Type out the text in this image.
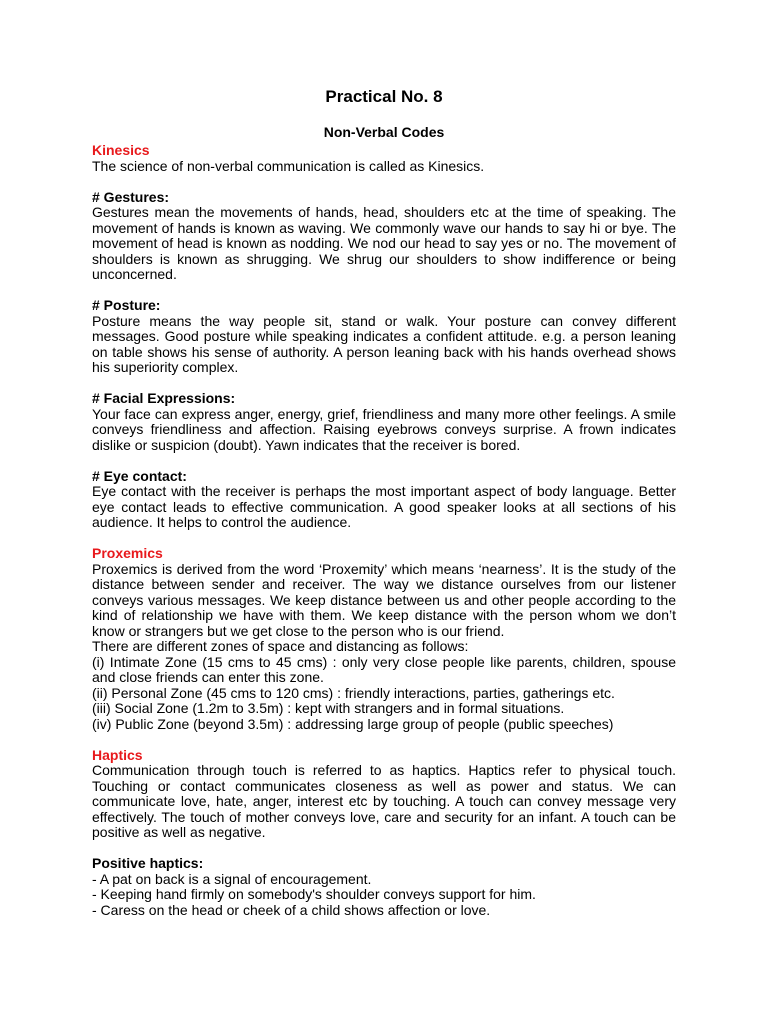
Practical No. 8
Non-Verbal Codes
Kinesics
The science of non-verbal communication is called as Kinesics.
# Gestures:
Gestures mean the movements of hands, head, shoulders etc at the time of speaking. The movement of hands is known as waving. We commonly wave our hands to say hi or bye. The movement of head is known as nodding. We nod our head to say yes or no. The movement of shoulders is known as shrugging. We shrug our shoulders to show indifference or being unconcerned.
# Posture:
Posture means the way people sit, stand or walk. Your posture can convey different messages. Good posture while speaking indicates a confident attitude. e.g. a person leaning on table shows his sense of authority. A person leaning back with his hands overhead shows his superiority complex.
# Facial Expressions:
Your face can express anger, energy, grief, friendliness and many more other feelings. A smile conveys friendliness and affection. Raising eyebrows conveys surprise. A frown indicates dislike or suspicion (doubt). Yawn indicates that the receiver is bored.
# Eye contact:
Eye contact with the receiver is perhaps the most important aspect of body language. Better eye contact leads to effective communication. A good speaker looks at all sections of his audience. It helps to control the audience.
Proxemics
Proxemics is derived from the word ‘Proxemity’ which means ‘nearness’. It is the study of the distance between sender and receiver. The way we distance ourselves from our listener conveys various messages. We keep distance between us and other people according to the kind of relationship we have with them. We keep distance with the person whom we don’t know or strangers but we get close to the person who is our friend.
There are different zones of space and distancing as follows:
(i) Intimate Zone (15 cms to 45 cms) : only very close people like parents, children, spouse and close friends can enter this zone.
(ii) Personal Zone (45 cms to 120 cms) : friendly interactions, parties, gatherings etc.
(iii) Social Zone (1.2m to 3.5m) : kept with strangers and in formal situations.
(iv) Public Zone (beyond 3.5m) : addressing large group of people (public speeches)
Haptics
Communication through touch is referred to as haptics. Haptics refer to physical touch. Touching or contact communicates closeness as well as power and status. We can communicate love, hate, anger, interest etc by touching. A touch can convey message very effectively. The touch of mother conveys love, care and security for an infant. A touch can be positive as well as negative.
Positive haptics:
- A pat on back is a signal of encouragement.
- Keeping hand firmly on somebody's shoulder conveys support for him.
- Caress on the head or cheek of a child shows affection or love.
